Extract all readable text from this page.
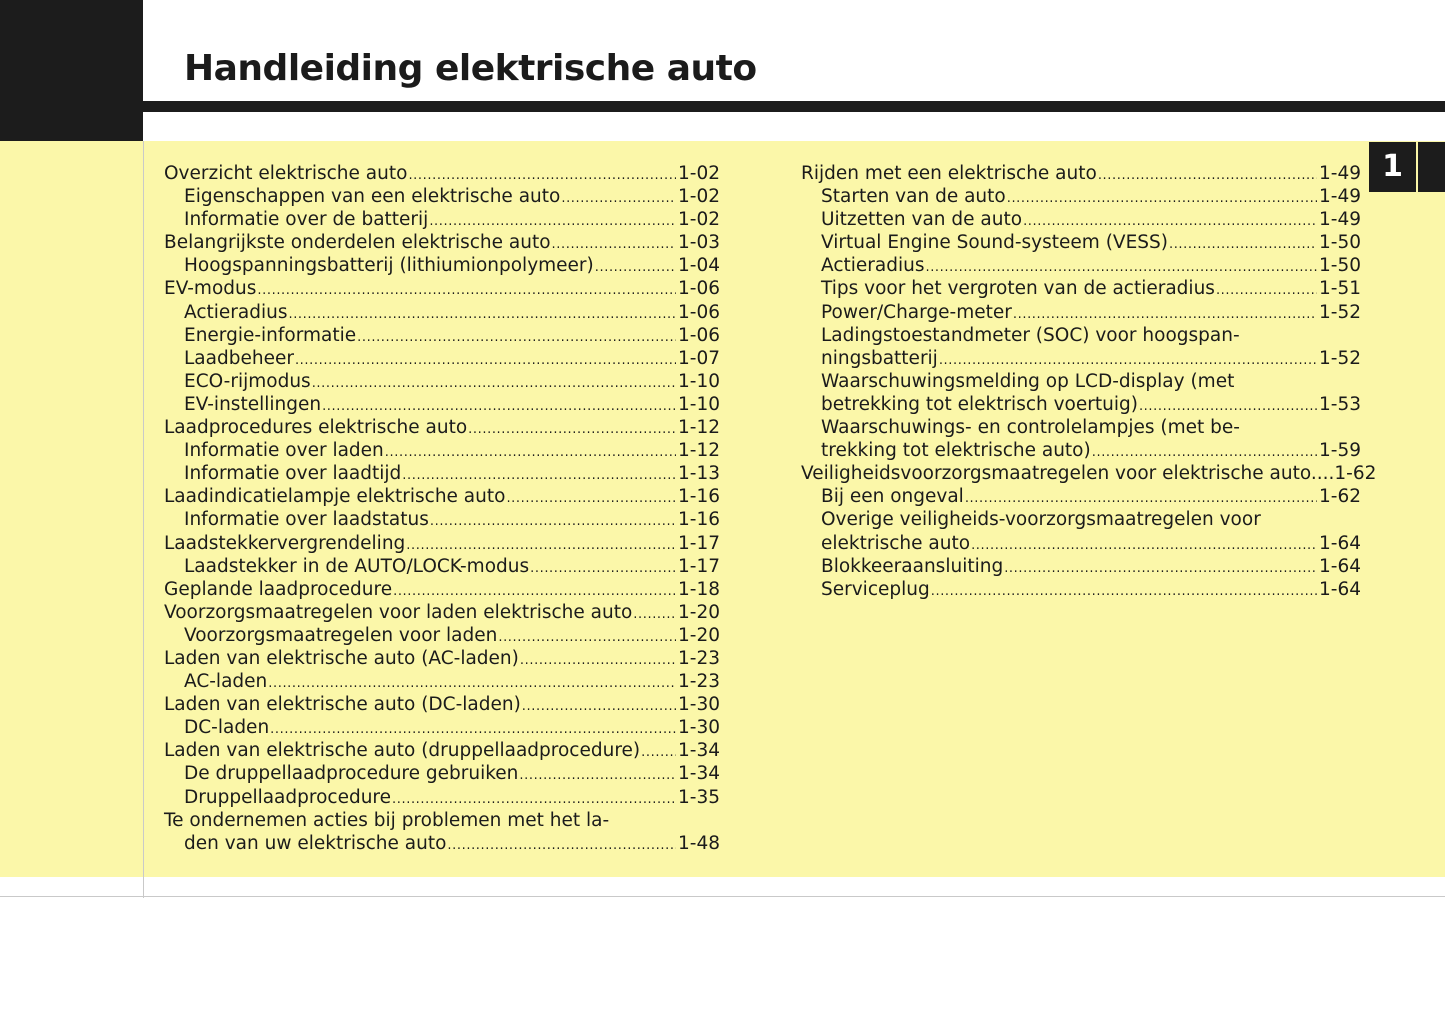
Handleiding elektrische auto
1
Overzicht elektrische auto .....	1-02
Eigenschappen van een elektrische auto .....	1-02
Informatie over de batterij .....	1-02
Belangrijkste onderdelen elektrische auto .....	1-03
Hoogspanningsbatterij (lithiumionpolymeer) .....	1-04
EV-modus .....	1-06
Actieradius .....	1-06
Energie-informatie .....	1-06
Laadbeheer .....	1-07
ECO-rijmodus .....	1-10
EV-instellingen .....	1-10
Laadprocedures elektrische auto .....	1-12
Informatie over laden .....	1-12
Informatie over laadtijd .....	1-13
Laadindicatielampje elektrische auto .....	1-16
Informatie over laadstatus .....	1-16
Laadstekkervergrendeling .....	1-17
Laadstekker in de AUTO/LOCK-modus .....	1-17
Geplande laadprocedure .....	1-18
Voorzorgsmaatregelen voor laden elektrische auto ..... 1-20
Voorzorgsmaatregelen voor laden .....	1-20
Laden van elektrische auto (AC-laden) .....	1-23
AC-laden .....	1-23
Laden van elektrische auto (DC-laden) .....	1-30
DC-laden .....	1-30
Laden van elektrische auto (druppellaadprocedure) ..... 1-34
De druppellaadprocedure gebruiken .....	1-34
Druppellaadprocedure .....	1-35
Te ondernemen acties bij problemen met het la-
den van uw elektrische auto .....	1-48
Rijden met een elektrische auto .....	1-49
Starten van de auto .....	1-49
Uitzetten van de auto .....	1-49
Virtual Engine Sound-systeem (VESS) .....	1-50
Actieradius .....	1-50
Tips voor het vergroten van de actieradius .....	1-51
Power/Charge-meter .....	1-52
Ladingstoestandmeter (SOC) voor hoogspan-
ningsbatterij .....	1-52
Waarschuwingsmelding op LCD-display (met
betrekking tot elektrisch voertuig) .....	1-53
Waarschuwings- en controlelampjes (met be-
trekking tot elektrische auto) .....	1-59
Veiligheidsvoorzorgsmaatregelen voor elektrische auto.... 1-62
Bij een ongeval .....	1-62
Overige veiligheids-voorzorgsmaatregelen voor
elektrische auto .....	1-64
Blokkeeraansluiting .....	1-64
Serviceplug .....	1-64
